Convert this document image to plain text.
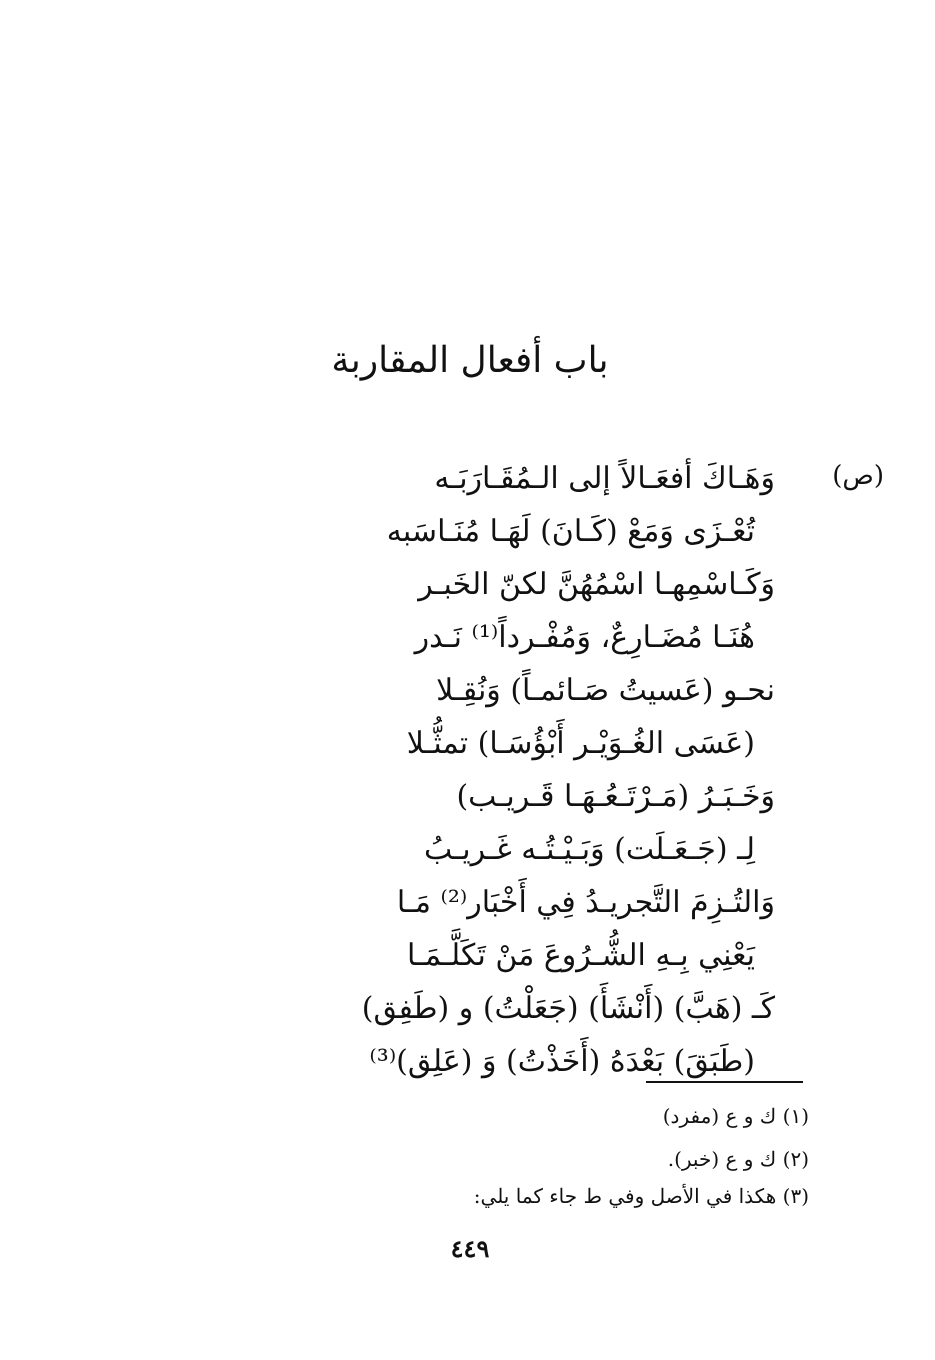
باب أفعال المقاربة
(ص)
وَهَـاكَ أفعَـالاً إلى الـمُقَـارَبَـه
تُعْـزَى وَمَعْ (كَـانَ) لَهَـا مُنَـاسَبه
وَكَـاسْمِهـا اسْمُهُنَّ لكنّ الخَبـر
هُنَـا مُضَـارِعٌ، وَمُفْـرداً⁽¹⁾ نَـدر
نحـو (عَسيتُ صَـائمـاً) وَنُقِـلا
(عَسَى الغُـوَيْـر أَبْؤُسَـا) تمثُّـلا
وَخَـبَـرُ (مَـرْتَـعُـهَـا قَـريـب)
لِـ (جَـعَـلَت) وَبَـيْـتُـه غَـريـبُ
وَالتُـزِمَ التَّجريـدُ فِي أَخْبَار⁽²⁾ مَـا
يَعْنِي بِـهِ الشُّـرُوعَ مَنْ تَكَلَّـمَـا
كَـ (هَبَّ) (أَنْشَأَ) (جَعَلْتُ) و (طَفِق)
(طَبَقَ) بَعْدَهُ (أَخَذْتُ) وَ (عَلِق)⁽³⁾
(١) ك و ع (مفرد)
(٢) ك و ع (خبر).
(٣) هكذا في الأصل وفي ط جاء كما يلي:
٤٤٩
